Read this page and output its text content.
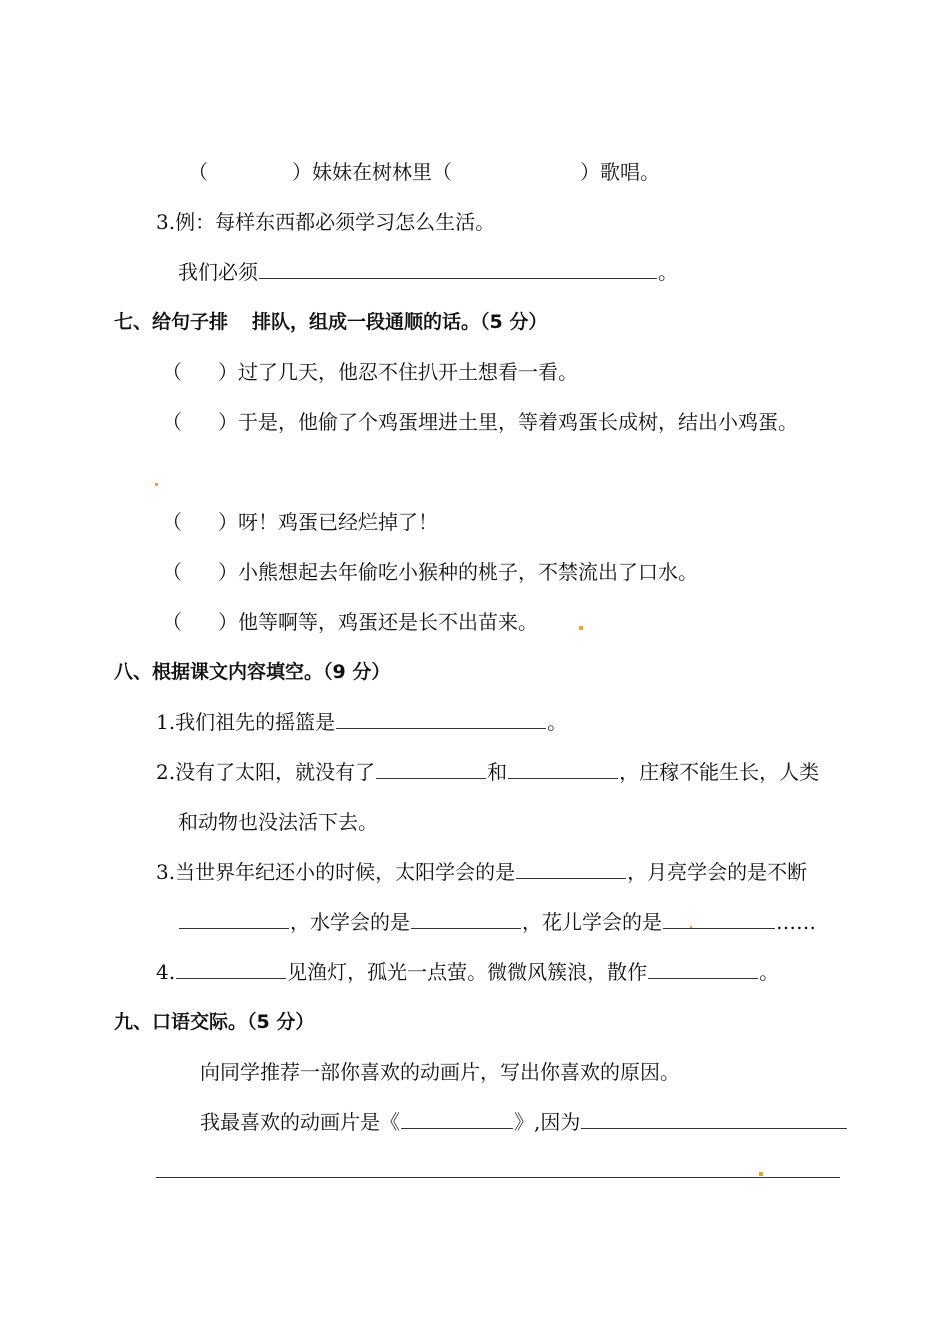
（	）妹妹在树林里（	）歌唱。
3.例：每样东西都必须学习怎么生活。
我们必须	。
七、给句子排 排队，组成一段通顺的话。（5 分）
（ ）过了几天，他忍不住扒开土想看一看。
（ ）于是，他偷了个鸡蛋埋进土里，等着鸡蛋长成树，结出小鸡蛋。
（ ）呀！鸡蛋已经烂掉了！
（ ）小熊想起去年偷吃小猴种的桃子，不禁流出了口水。
（ ）他等啊等，鸡蛋还是长不出苗来。
八、根据课文内容填空。（9 分）
1.我们祖先的摇篮是	。
2.没有了太阳，就没有了	和	，庄稼不能生长，人类
和动物也没法活下去。
3.当世界年纪还小的时候，太阳学会的是	，月亮学会的是不断
，水学会的是	，花儿学会的是	……
4.	见渔灯，孤光一点萤。微微风簇浪，散作	。
九、口语交际。（5 分）
向同学推荐一部你喜欢的动画片，写出你喜欢的原因。
我最喜欢的动画片是《	》,因为
